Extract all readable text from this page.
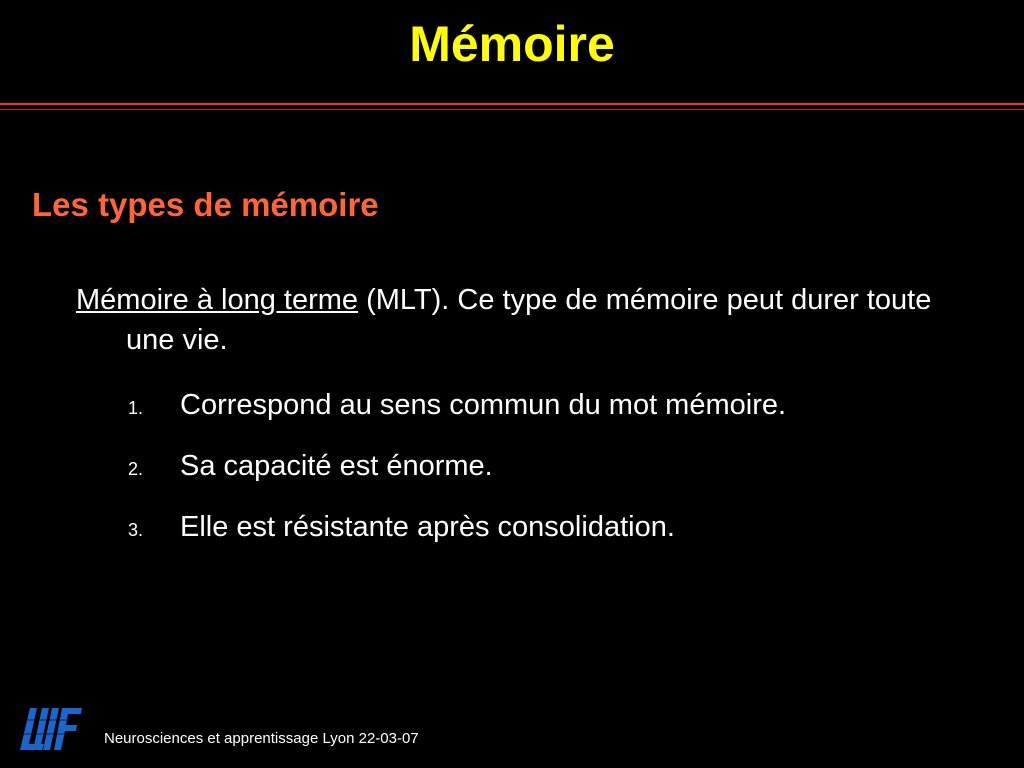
Mémoire
Les types de mémoire
Mémoire à long terme (MLT). Ce type de mémoire peut durer toute une vie.
1.	Correspond au sens commun du mot mémoire.
2.	Sa capacité est énorme.
3.	Elle est résistante après consolidation.
Neurosciences et apprentissage Lyon 22-03-07
